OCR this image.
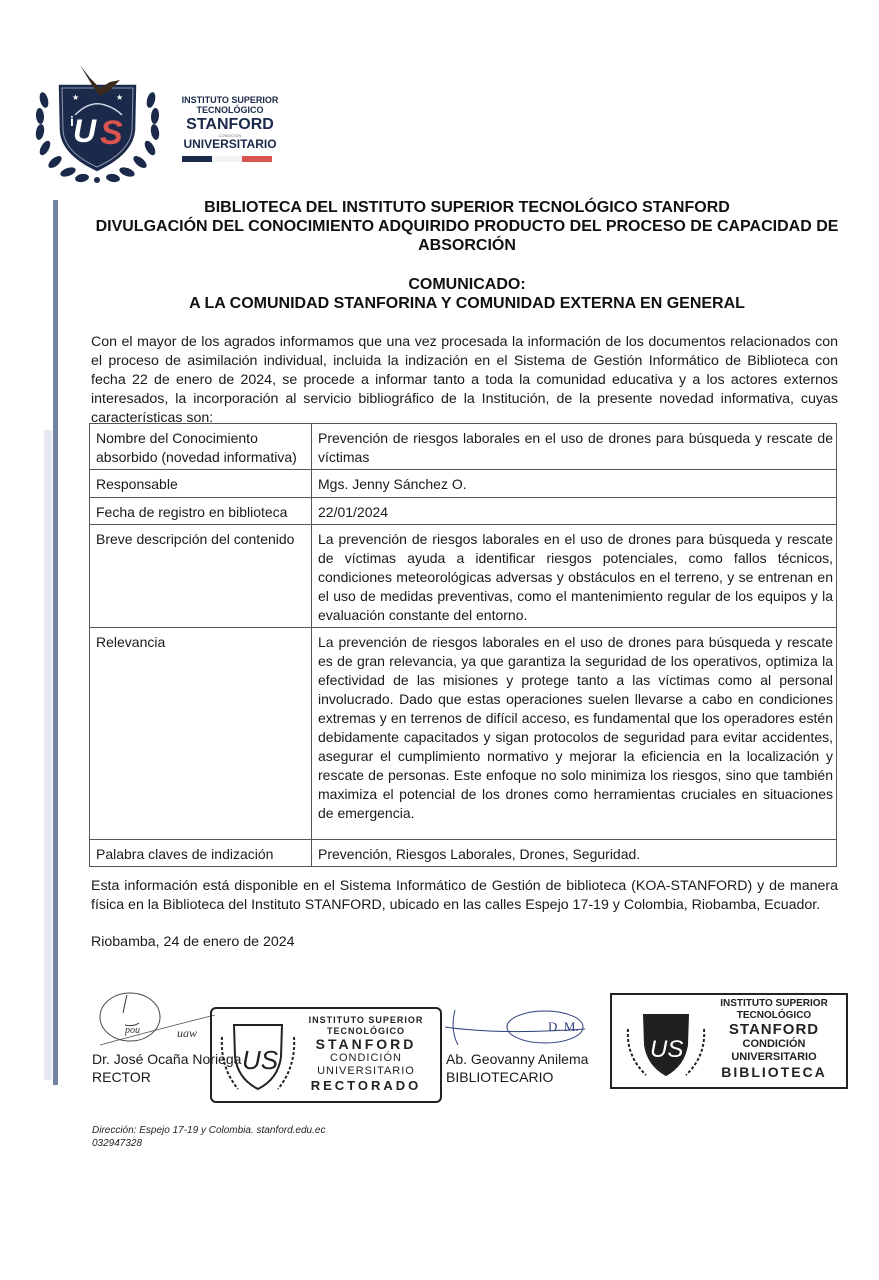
★	★
U S
i
INSTITUTO SUPERIOR
TECNOLÓGICO
STANFORD
CONDICIÓN
UNIVERSITARIO
BIBLIOTECA DEL INSTITUTO SUPERIOR TECNOLÓGICO STANFORD
DIVULGACIÓN DEL CONOCIMIENTO ADQUIRIDO PRODUCTO DEL PROCESO DE CAPACIDAD DE
ABSORCIÓN
COMUNICADO:
A LA COMUNIDAD STANFORINA Y COMUNIDAD EXTERNA EN GENERAL
Con el mayor de los agrados informamos que una vez procesada la información de los documentos relacionados con el proceso de asimilación individual, incluida la indización en el Sistema de Gestión Informático de Biblioteca con fecha 22 de enero de 2024, se procede a informar tanto a toda la comunidad educativa y a los actores externos interesados, la incorporación al servicio bibliográfico de la Institución, de la presente novedad informativa, cuyas características son:
Nombre del Conocimiento absorbido (novedad informativa)	Prevención de riesgos laborales en el uso de drones para búsqueda y rescate de víctimas
Responsable	Mgs. Jenny Sánchez O.
Fecha de registro en biblioteca	22/01/2024
Breve descripción del contenido	La prevención de riesgos laborales en el uso de drones para búsqueda y rescate de víctimas ayuda a identificar riesgos potenciales, como fallos técnicos, condiciones meteorológicas adversas y obstáculos en el terreno, y se entrenan en el uso de medidas preventivas, como el mantenimiento regular de los equipos y la evaluación constante del entorno.
Relevancia	La prevención de riesgos laborales en el uso de drones para búsqueda y rescate es de gran relevancia, ya que garantiza la seguridad de los operativos, optimiza la efectividad de las misiones y protege tanto a las víctimas como al personal involucrado. Dado que estas operaciones suelen llevarse a cabo en condiciones extremas y en terrenos de difícil acceso, es fundamental que los operadores estén debidamente capacitados y sigan protocolos de seguridad para evitar accidentes, asegurar el cumplimiento normativo y mejorar la eficiencia en la localización y rescate de personas. Este enfoque no solo minimiza los riesgos, sino que también maximiza el potencial de los drones como herramientas cruciales en situaciones de emergencia.
Palabra claves de indización	Prevención, Riesgos Laborales, Drones, Seguridad.
Esta información está disponible en el Sistema Informático de Gestión de biblioteca (KOA-STANFORD) y de manera física en la Biblioteca del Instituto STANFORD, ubicado en las calles Espejo 17-19 y Colombia, Riobamba, Ecuador.
Riobamba, 24 de enero de 2024
pou	uaw
Dr. José Ocaña Noriega
RECTOR
US
INSTITUTO SUPERIOR
TECNOLÓGICO
STANFORD
CONDICIÓN
UNIVERSITARIO
RECTORADO
D. M.
Ab. Geovanny Anilema
BIBLIOTECARIO
US
INSTITUTO SUPERIOR
TECNOLÓGICO
STANFORD
CONDICIÓN
UNIVERSITARIO
BIBLIOTECA
Dirección: Espejo 17-19 y Colombia. stanford.edu.ec
032947328
